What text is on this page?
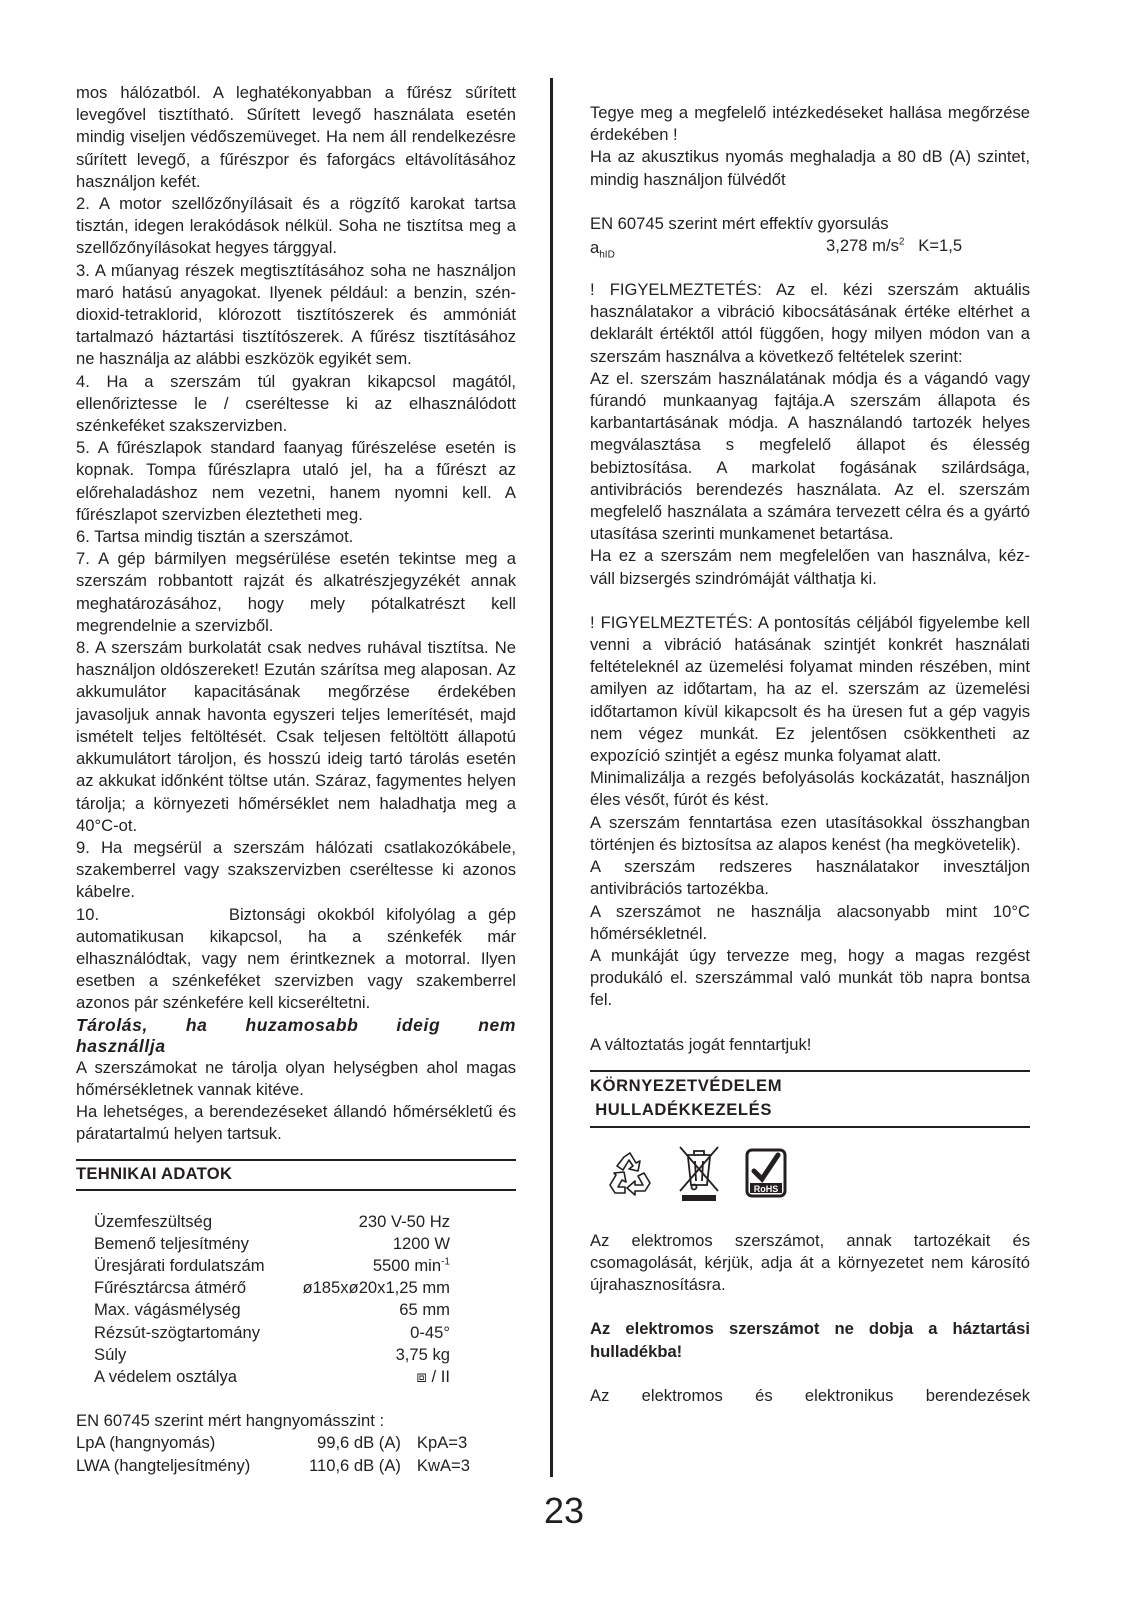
mos hálózatból. A leghatékonyabban a fűrész sűrített levegővel tisztítható. Sűrített levegő használata esetén mindig viseljen védőszemüveget. Ha nem áll rendelkezésre sűrített levegő, a fűrészpor és faforgács eltávolításához használjon kefét.

2. A motor szellőzőnyílásait és a rögzítő karokat tartsa tisztán, idegen lerakódások nélkül. Soha ne tisztítsa meg a szellőzőnyílásokat hegyes tárggyal.

3. A műanyag részek megtisztításához soha ne használjon maró hatású anyagokat. Ilyenek például: a benzin, szén-dioxid-tetraklorid, klórozott tisztítószerek és ammóniát tartalmazó háztartási tisztítószerek. A fűrész tisztításához ne használja az alábbi eszközök egyikét sem.

4. Ha a szerszám túl gyakran kikapcsol magától, ellenőriztesse le / cseréltesse ki az elhasználódott szénkeféket szakszervizben.

5. A fűrészlapok standard faanyag fűrészelése esetén is kopnak. Tompa fűrészlapra utaló jel, ha a fűrészt az előrehaladáshoz nem vezetni, hanem nyomni kell. A fűrészlapot szervizben éleztetheti meg.

6. Tartsa mindig tisztán a szerszámot.

7. A gép bármilyen megsérülése esetén tekintse meg a szerszám robbantott rajzát és alkatrészjegyzékét annak meghatározásához, hogy mely pótalkatrészt kell megrendelnie a szervizből.

8. A szerszám burkolatát csak nedves ruhával tisztítsa. Ne használjon oldószereket! Ezután szárítsa meg alaposan. Az akkumulátor kapacitásának megőrzése érdekében javasoljuk annak havonta egyszeri teljes lemerítését, majd ismételt teljes feltöltését. Csak teljesen feltöltött állapotú akkumulátort tároljon, és hosszú ideig tartó tárolás esetén az akkukat időnként töltse után. Száraz, fagymentes helyen tárolja; a környezeti hőmérséklet nem haladhatja meg a 40°C-ot.

9. Ha megsérül a szerszám hálózati csatlakozókábele, szakemberrel vagy szakszervizben cseréltesse ki azonos kábelre.

10.           Biztonsági okokból kifolyólag a gép automatikusan kikapcsol, ha a szénkefék már elhasználódtak, vagy nem érintkeznek a motorral. Ilyen esetben a szénkeféket szervizben vagy szakemberrel azonos pár szénkefére kell kicseréltetni.

Tárolás, ha huzamosabb ideig nem

használlja

A szerszámokat ne tárolja olyan helységben ahol magas hőmérsékletnek vannak kitéve.

Ha lehetséges, a berendezéseket állandó hőmérsékletű és páratartalmú helyen tartsuk.

TEHNIKAI ADATOK
Üzemfeszültség	230 V-50 Hz
Bemenő teljesítmény	1200 W
Üresjárati fordulatszám	5500 $\min^{-1}$
Fűrésztárcsa átmérő	ø185xø20x1,25 mm
Max. vágásmélység	65 mm
Rézsút-szögtartomány	0-45°
Súly	3,75 kg
A védelem osztálya	⧈ / II

EN 60745 szerint mért hangnyomásszint :

LpA (hangnyomás)	99,6 dB (A)	KpA=3
LWA (hangteljesítmény)	110,6 dB (A)	KwA=3

Tegye meg a megfelelő intézkedéseket hallása megőrzése érdekében !

Ha az akusztikus nyomás meghaladja a 80 dB (A) szintet, mindig használjon fülvédőt

EN 60745 szerint mért effektív gyorsulás

$a_{hID}$	3,278 $m/s^2$ K=1,5

! FIGYELMEZTETÉS: Az el. kézi szerszám aktuális használatakor a vibráció kibocsátásának értéke eltérhet a deklarált értéktől attól függően, hogy milyen módon van a szerszám használva a következő feltételek szerint:

Az el. szerszám használatának módja és a vágandó vagy fúrandó munkaanyag fajtája.A szerszám állapota és karbantartásának módja. A használandó tartozék helyes megválasztása s megfelelő állapot és élesség bebiztosítása. A markolat fogásának szilárdsága, antivibrációs berendezés használata. Az el. szerszám megfelelő használata a számára tervezett célra és a gyártó utasítása szerinti munkamenet betartása.

Ha ez a szerszám nem megfelelően van használva, kéz-váll bizsergés szindrómáját válthatja ki.

! FIGYELMEZTETÉS: A pontosítás céljából figyelembe kell venni a vibráció hatásának szintjét konkrét használati feltételeknél az üzemelési folyamat minden részében, mint amilyen az időtartam, ha az el. szerszám az üzemelési időtartamon kívül kikapcsolt és ha üresen fut a gép vagyis nem végez munkát. Ez jelentősen csökkentheti az expozíció szintjét a egész munka folyamat alatt.

Minimalizálja a rezgés befolyásolás kockázatát, használjon éles vésőt, fúrót és kést.

A szerszám fenntartása ezen utasításokkal összhangban történjen és biztosítsa az alapos kenést (ha megkövetelik).

A szerszám redszeres használatakor invesztáljon antivibrációs tartozékba.

A szerszámot ne használja alacsonyabb mint 10°C hőmérsékletnél.

A munkáját úgy tervezze meg, hogy a magas rezgést produkáló el. szerszámmal való munkát töb napra bontsa fel.

A változtatás jogát fenntartjuk!

KÖRNYEZETVÉDELEM
HULLADÉKKEZELÉS
RoHS

Az elektromos szerszámot, annak tartozékait és csomagolását, kérjük, adja át a környezetet nem károsító újrahasznosításra.

Az elektromos szerszámot ne dobja a háztartási hulladékba!

Az elektromos és elektronikus berendezések

23
